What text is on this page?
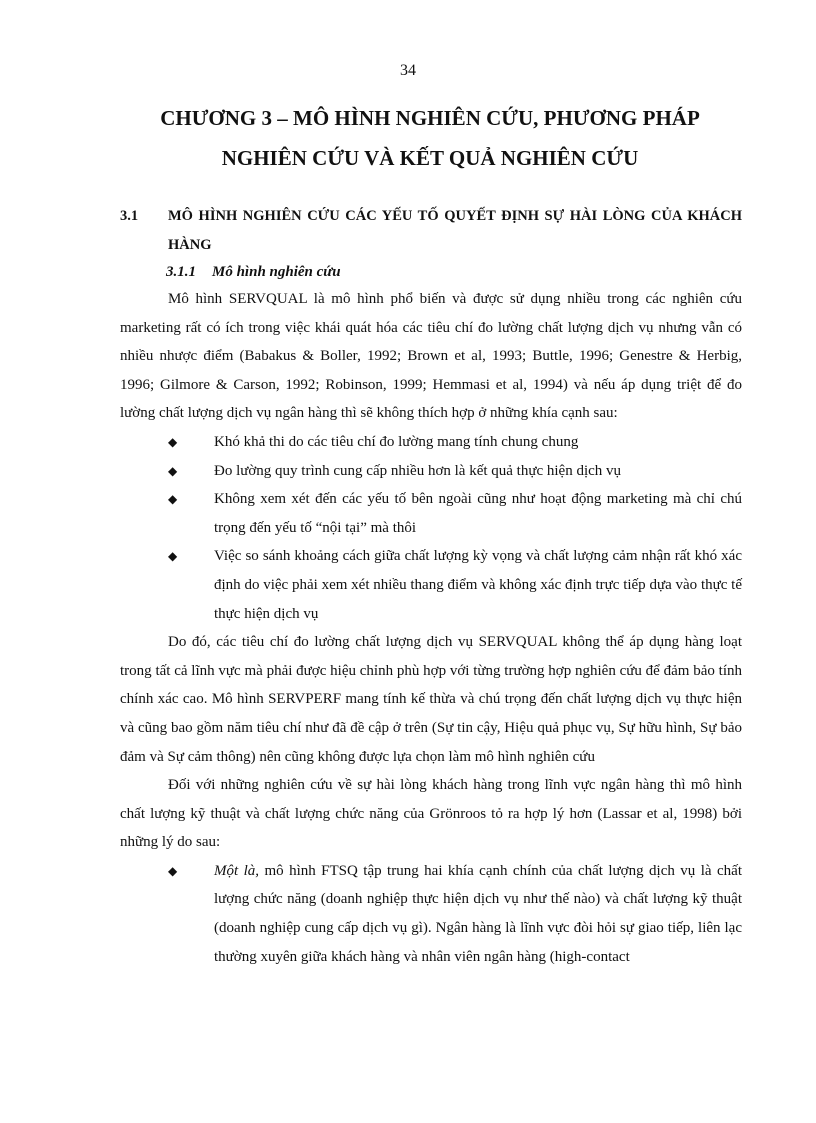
34
CHƯƠNG 3 – MÔ HÌNH NGHIÊN CỨU, PHƯƠNG PHÁP
NGHIÊN CỨU VÀ KẾT QUẢ NGHIÊN CỨU
3.1 MÔ HÌNH NGHIÊN CỨU CÁC YẾU TỐ QUYẾT ĐỊNH SỰ HÀI LÒNG CỦA KHÁCH HÀNG
3.1.1 Mô hình nghiên cứu

Mô hình SERVQUAL là mô hình phổ biến và được sử dụng nhiều trong các nghiên cứu marketing rất có ích trong việc khái quát hóa các tiêu chí đo lường chất lượng dịch vụ nhưng vẫn có nhiều nhược điểm (Babakus & Boller, 1992; Brown et al, 1993; Buttle, 1996; Genestre & Herbig, 1996; Gilmore & Carson, 1992; Robinson, 1999; Hemmasi et al, 1994) và nếu áp dụng triệt để đo lường chất lượng dịch vụ ngân hàng thì sẽ không thích hợp ở những khía cạnh sau:

◆ Khó khả thi do các tiêu chí đo lường mang tính chung chung
◆ Đo lường quy trình cung cấp nhiều hơn là kết quả thực hiện dịch vụ
◆ Không xem xét đến các yếu tố bên ngoài cũng như hoạt động marketing mà chỉ chú trọng đến yếu tố “nội tại” mà thôi
◆ Việc so sánh khoảng cách giữa chất lượng kỳ vọng và chất lượng cảm nhận rất khó xác định do việc phải xem xét nhiều thang điểm và không xác định trực tiếp dựa vào thực tế thực hiện dịch vụ

Do đó, các tiêu chí đo lường chất lượng dịch vụ SERVQUAL không thể áp dụng hàng loạt trong tất cả lĩnh vực mà phải được hiệu chỉnh phù hợp với từng trường hợp nghiên cứu để đảm bảo tính chính xác cao. Mô hình SERVPERF mang tính kế thừa và chú trọng đến chất lượng dịch vụ thực hiện và cũng bao gồm năm tiêu chí như đã đề cập ở trên (Sự tin cậy, Hiệu quả phục vụ, Sự hữu hình, Sự bảo đảm và Sự cảm thông) nên cũng không được lựa chọn làm mô hình nghiên cứu

Đối với những nghiên cứu về sự hài lòng khách hàng trong lĩnh vực ngân hàng thì mô hình chất lượng kỹ thuật và chất lượng chức năng của Grönroos tỏ ra hợp lý hơn (Lassar et al, 1998) bởi những lý do sau:

◆ Một là, mô hình FTSQ tập trung hai khía cạnh chính của chất lượng dịch vụ là chất lượng chức năng (doanh nghiệp thực hiện dịch vụ như thế nào) và chất lượng kỹ thuật (doanh nghiệp cung cấp dịch vụ gì). Ngân hàng là lĩnh vực đòi hỏi sự giao tiếp, liên lạc thường xuyên giữa khách hàng và nhân viên ngân hàng (high-contact
